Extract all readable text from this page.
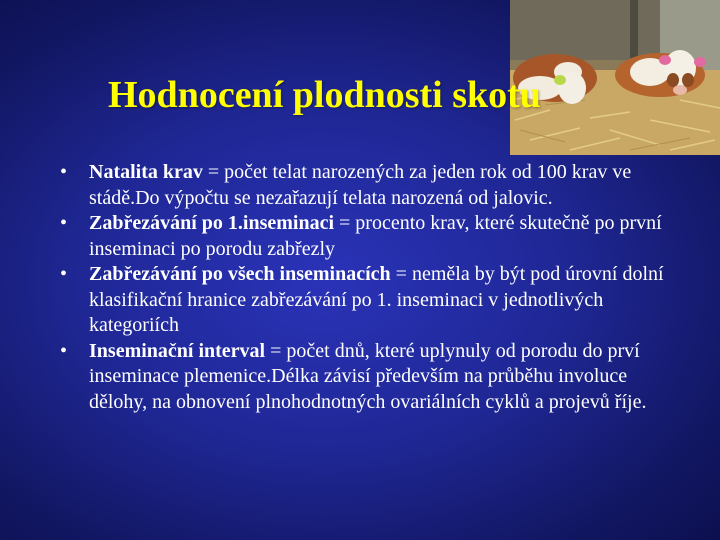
Hodnocení plodnosti skotu
• Natalita krav = počet telat narozených za jeden rok od 100 krav ve stádě.Do výpočtu se nezařazují telata narozená od jalovic.
• Zabřezávání po 1.inseminaci = procento krav, které skutečně po první inseminaci po porodu zabřezly
• Zabřezávání po všech inseminacích = neměla by být pod úrovní dolní klasifikační hranice zabřezávání po 1. inseminaci v jednotlivých kategoriích
• Inseminační interval = počet dnů, které uplynuly od porodu do prví inseminace plemenice.Délka závisí především na průběhu involuce dělohy, na obnovení plnohodnotných ovariálních cyklů a projevů říje.
